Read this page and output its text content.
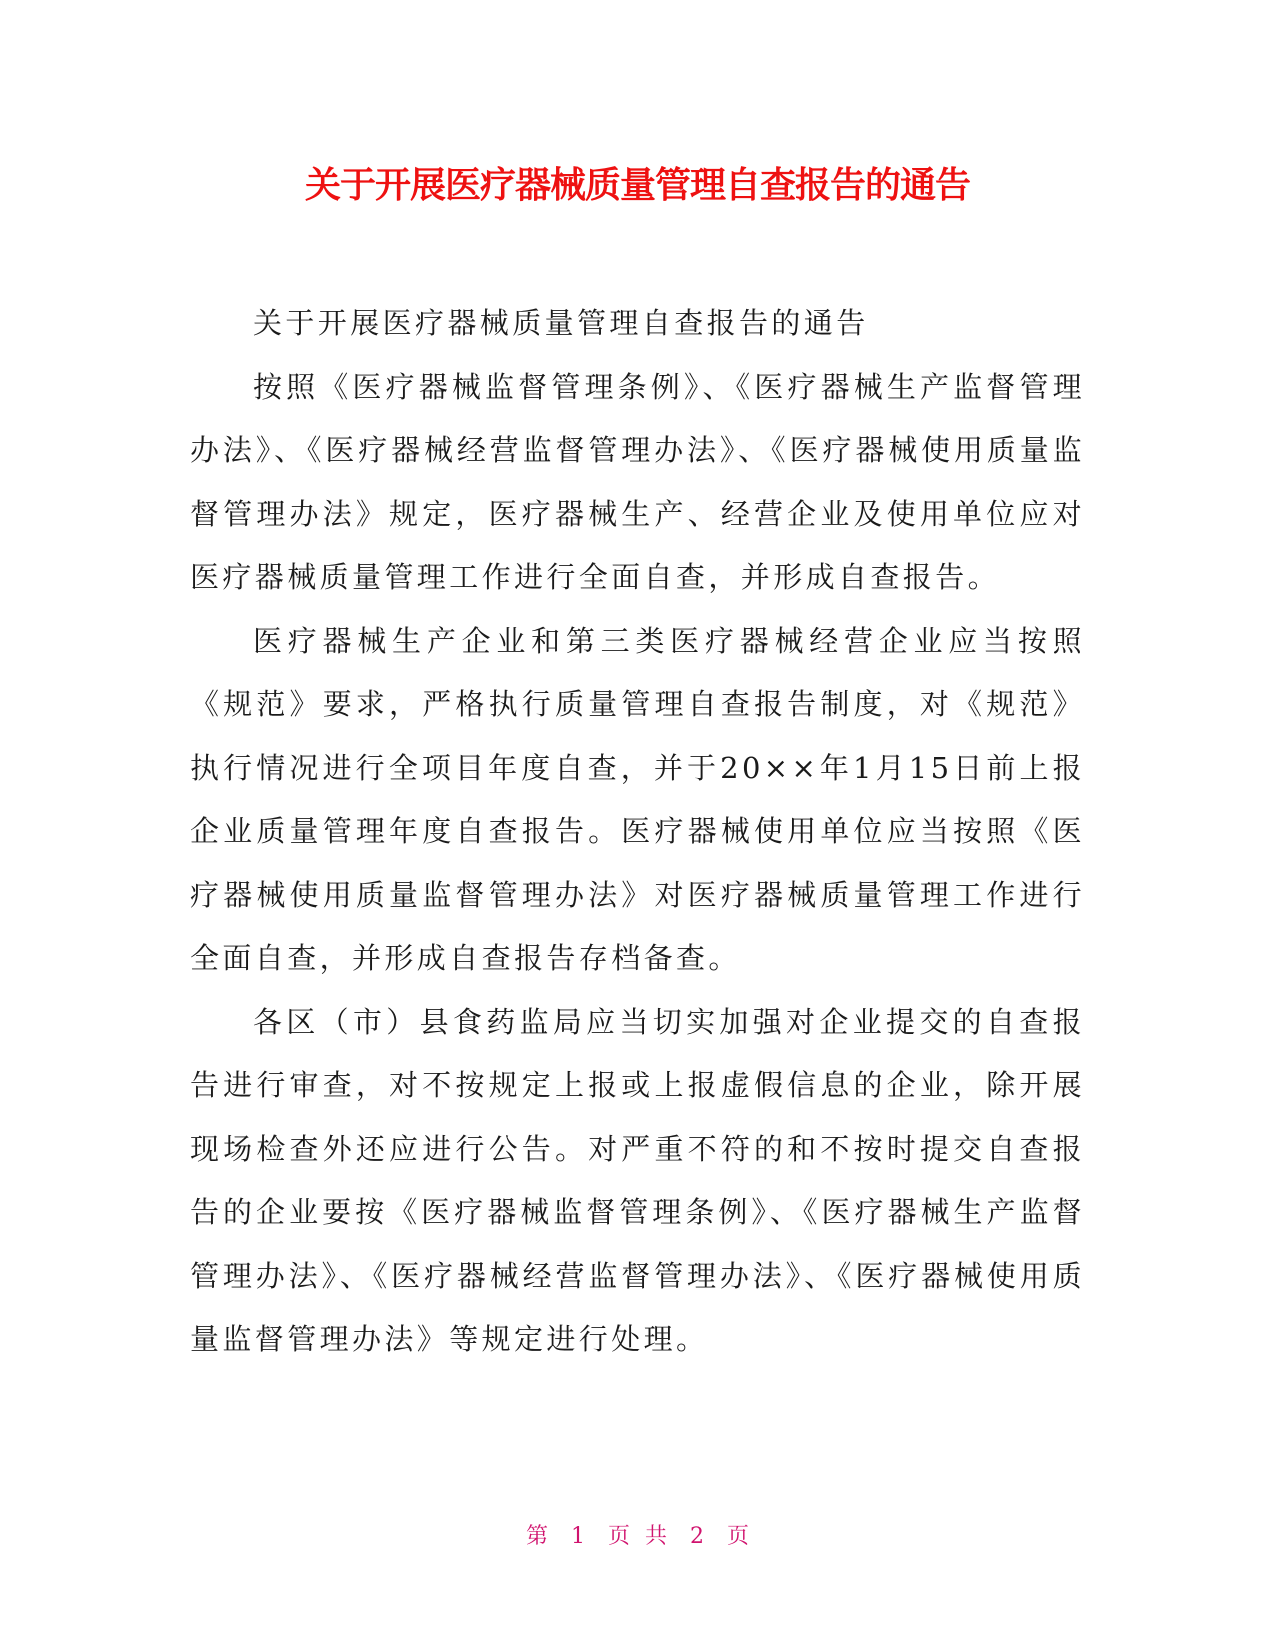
关于开展医疗器械质量管理自查报告的通告

关于开展医疗器械质量管理自查报告的通告

按照《医疗器械监督管理条例》、《医疗器械生产监督管理办法》、《医疗器械经营监督管理办法》、《医疗器械使用质量监督管理办法》规定，医疗器械生产、经营企业及使用单位应对医疗器械质量管理工作进行全面自查，并形成自查报告。

医疗器械生产企业和第三类医疗器械经营企业应当按照《规范》要求，严格执行质量管理自查报告制度，对《规范》执行情况进行全项目年度自查，并于20××年1月15日前上报企业质量管理年度自查报告。医疗器械使用单位应当按照《医疗器械使用质量监督管理办法》对医疗器械质量管理工作进行全面自查，并形成自查报告存档备查。

各区（市）县食药监局应当切实加强对企业提交的自查报告进行审查，对不按规定上报或上报虚假信息的企业，除开展现场检查外还应进行公告。对严重不符的和不按时提交自查报告的企业要按《医疗器械监督管理条例》、《医疗器械生产监督管理办法》、《医疗器械经营监督管理办法》、《医疗器械使用质量监督管理办法》等规定进行处理。

第 1 页 共 2 页
